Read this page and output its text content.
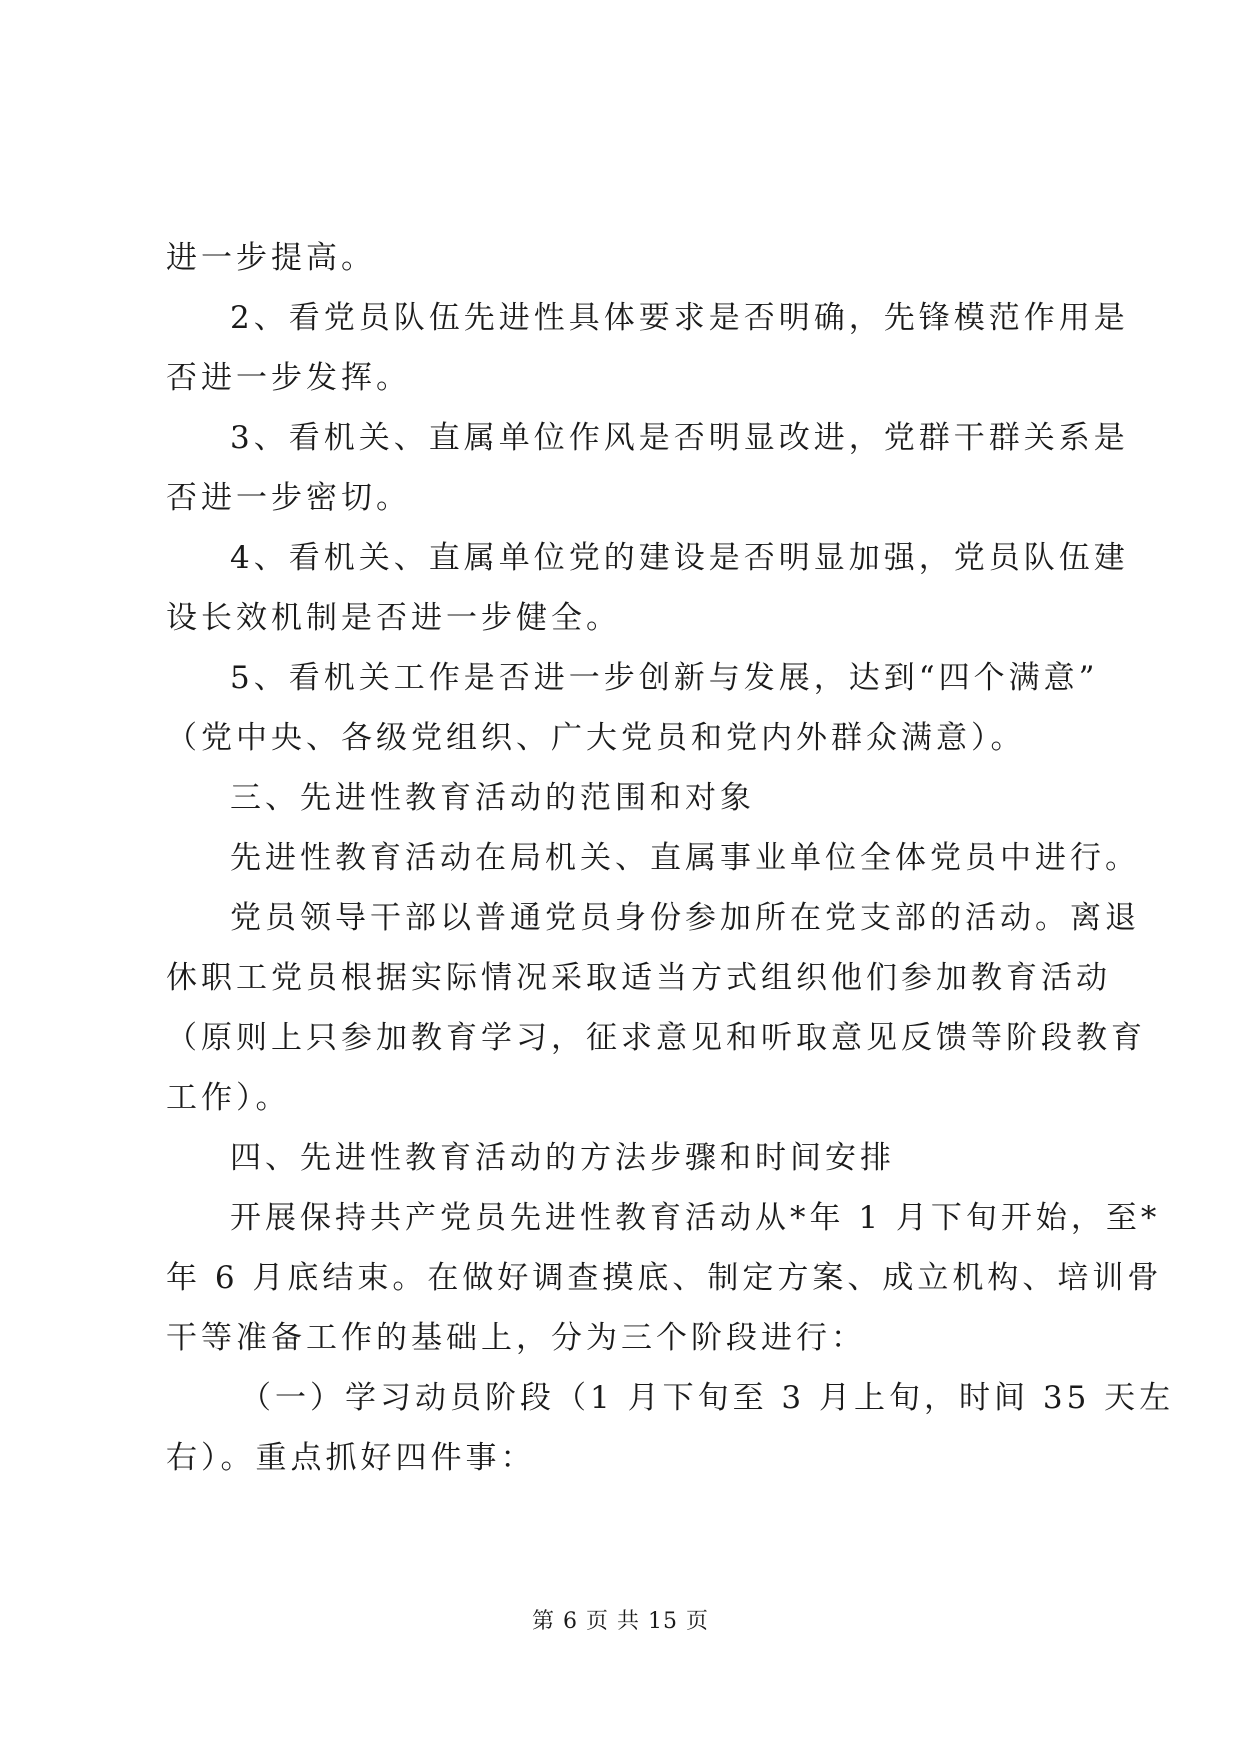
进一步提高。
2、看党员队伍先进性具体要求是否明确，先锋模范作用是
否进一步发挥。
3、看机关、直属单位作风是否明显改进，党群干群关系是
否进一步密切。
4、看机关、直属单位党的建设是否明显加强，党员队伍建
设长效机制是否进一步健全。
5、看机关工作是否进一步创新与发展，达到“四个满意”
（党中央、各级党组织、广大党员和党内外群众满意）。
三、先进性教育活动的范围和对象
先进性教育活动在局机关、直属事业单位全体党员中进行。
党员领导干部以普通党员身份参加所在党支部的活动。离退
休职工党员根据实际情况采取适当方式组织他们参加教育活动
（原则上只参加教育学习，征求意见和听取意见反馈等阶段教育
工作）。
四、先进性教育活动的方法步骤和时间安排
开展保持共产党员先进性教育活动从*年 1 月下旬开始，至*
年 6 月底结束。在做好调查摸底、制定方案、成立机构、培训骨
干等准备工作的基础上，分为三个阶段进行：
（一）学习动员阶段（1 月下旬至 3 月上旬，时间 35 天左
右）。重点抓好四件事：
第 6 页 共 15 页
